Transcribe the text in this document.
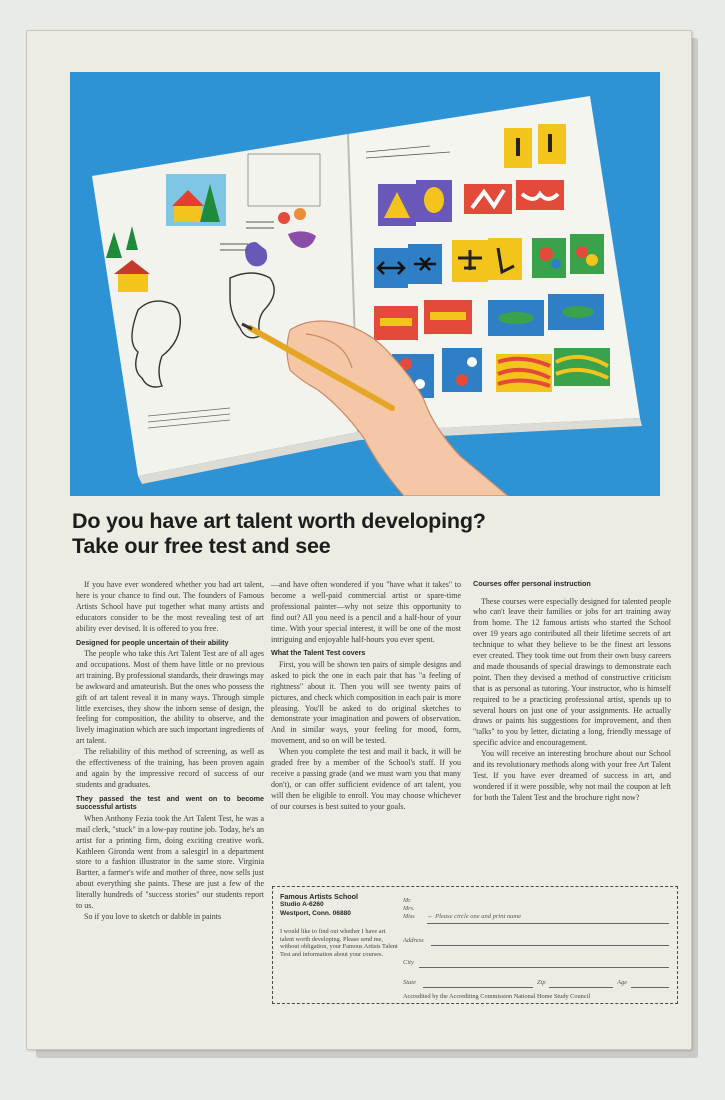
Do you have art talent worth developing?
Take our free test and see

If you have ever wondered whether you had art talent, here is your chance to find out. The founders of Famous Artists School have put together what many artists and educators consider to be the most revealing test of art ability ever devised. It is offered to you free.

Designed for people uncertain of their ability

The people who take this Art Talent Test are of all ages and occupations. Most of them have little or no previous art training. By professional standards, their drawings may be awkward and amateurish. But the ones who possess the gift of art talent reveal it in many ways. Through simple little exercises, they show the inborn sense of design, the feeling for composition, the ability to observe, and the lively imagination which are such important ingredients of art talent.

The reliability of this method of screening, as well as the effectiveness of the training, has been proven again and again by the impressive record of success of our students and graduates.

They passed the test and went on to become successful artists

When Anthony Fezia took the Art Talent Test, he was a mail clerk, "stuck" in a low-pay routine job. Today, he's an artist for a printing firm, doing exciting creative work. Kathleen Gironda went from a salesgirl in a department store to a fashion illustrator in the same store. Virginia Bartter, a farmer's wife and mother of three, now sells just about everything she paints. These are just a few of the literally hundreds of "success stories" our students report to us.

So if you love to sketch or dabble in paints

—and have often wondered if you "have what it takes" to become a well-paid commercial artist or spare-time professional painter—why not seize this opportunity to find out? All you need is a pencil and a half-hour of your time. With your special interest, it will be one of the most intriguing and enjoyable half-hours you ever spent.

What the Talent Test covers

First, you will be shown ten pairs of simple designs and asked to pick the one in each pair that has "a feeling of rightness" about it. Then you will see twenty pairs of pictures, and check which composition in each pair is more pleasing. You'll be asked to do original sketches to demonstrate your imagination and powers of observation. And in similar ways, your feeling for mood, form, movement, and so on will be tested.

When you complete the test and mail it back, it will be graded free by a member of the School's staff. If you receive a passing grade (and we must warn you that many don't), or can offer sufficient evidence of art talent, you will then be eligible to enroll. You may choose whichever of our courses is best suited to your goals.

Courses offer personal instruction

These courses were especially designed for talented people who can't leave their families or jobs for art training away from home. The 12 famous artists who started the School over 19 years ago contributed all their lifetime secrets of art technique to what they believe to be the finest art lessons ever created. They took time out from their own busy careers and made thousands of special drawings to demonstrate each point. Then they devised a method of constructive criticism that is as personal as tutoring. Your instructor, who is himself required to be a practicing professional artist, spends up to several hours on just one of your assignments. He actually draws or paints his suggestions for improvement, and then "talks" to you by letter, dictating a long, friendly message of specific advice and encouragement.

You will receive an interesting brochure about our School and its revolutionary methods along with your free Art Talent Test. If you have ever dreamed of success in art, and wondered if it were possible, why not mail the coupon at left for both the Talent Test and the brochure right now?

Famous Artists School
Studio A-6260
Westport, Conn. 06880
I would like to find out whether I have art talent worth developing. Please send me, without obligation, your Famous Artists Talent Test and information about your courses.
Mr.
Mrs.
Miss	← Please circle one and print name
Address
City
State	Zip	Age
Accredited by the Accrediting Commission National Home Study Council
